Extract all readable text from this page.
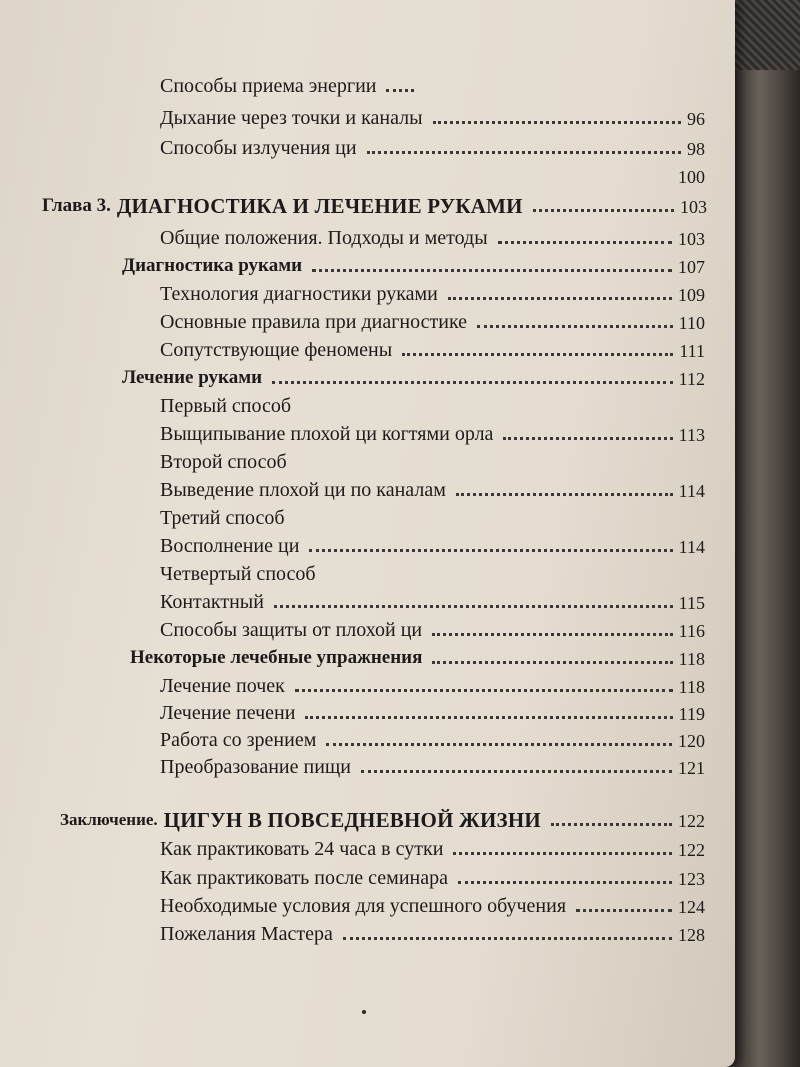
Способы приема энергии
Дыхание через точки и каналы	96
Способы излучения ци	98
100
Глава 3. ДИАГНОСТИКА И ЛЕЧЕНИЕ РУКАМИ	103
Общие положения. Подходы и методы	103
Диагностика руками	107
Технология диагностики руками	109
Основные правила при диагностике	110
Сопутствующие феномены	111
Лечение руками	112
Первый способ
Выщипывание плохой ци когтями орла	113
Второй способ
Выведение плохой ци по каналам	114
Третий способ
Восполнение ци	114
Четвертый способ
Контактный	115
Способы защиты от плохой ци	116
Некоторые лечебные упражнения	118
Лечение почек	118
Лечение печени	119
Работа со зрением	120
Преобразование пищи	121
Заключение. ЦИГУН В ПОВСЕДНЕВНОЙ ЖИЗНИ	122
Как практиковать 24 часа в сутки	122
Как практиковать после семинара	123
Необходимые условия для успешного обучения	124
Пожелания Мастера	128
